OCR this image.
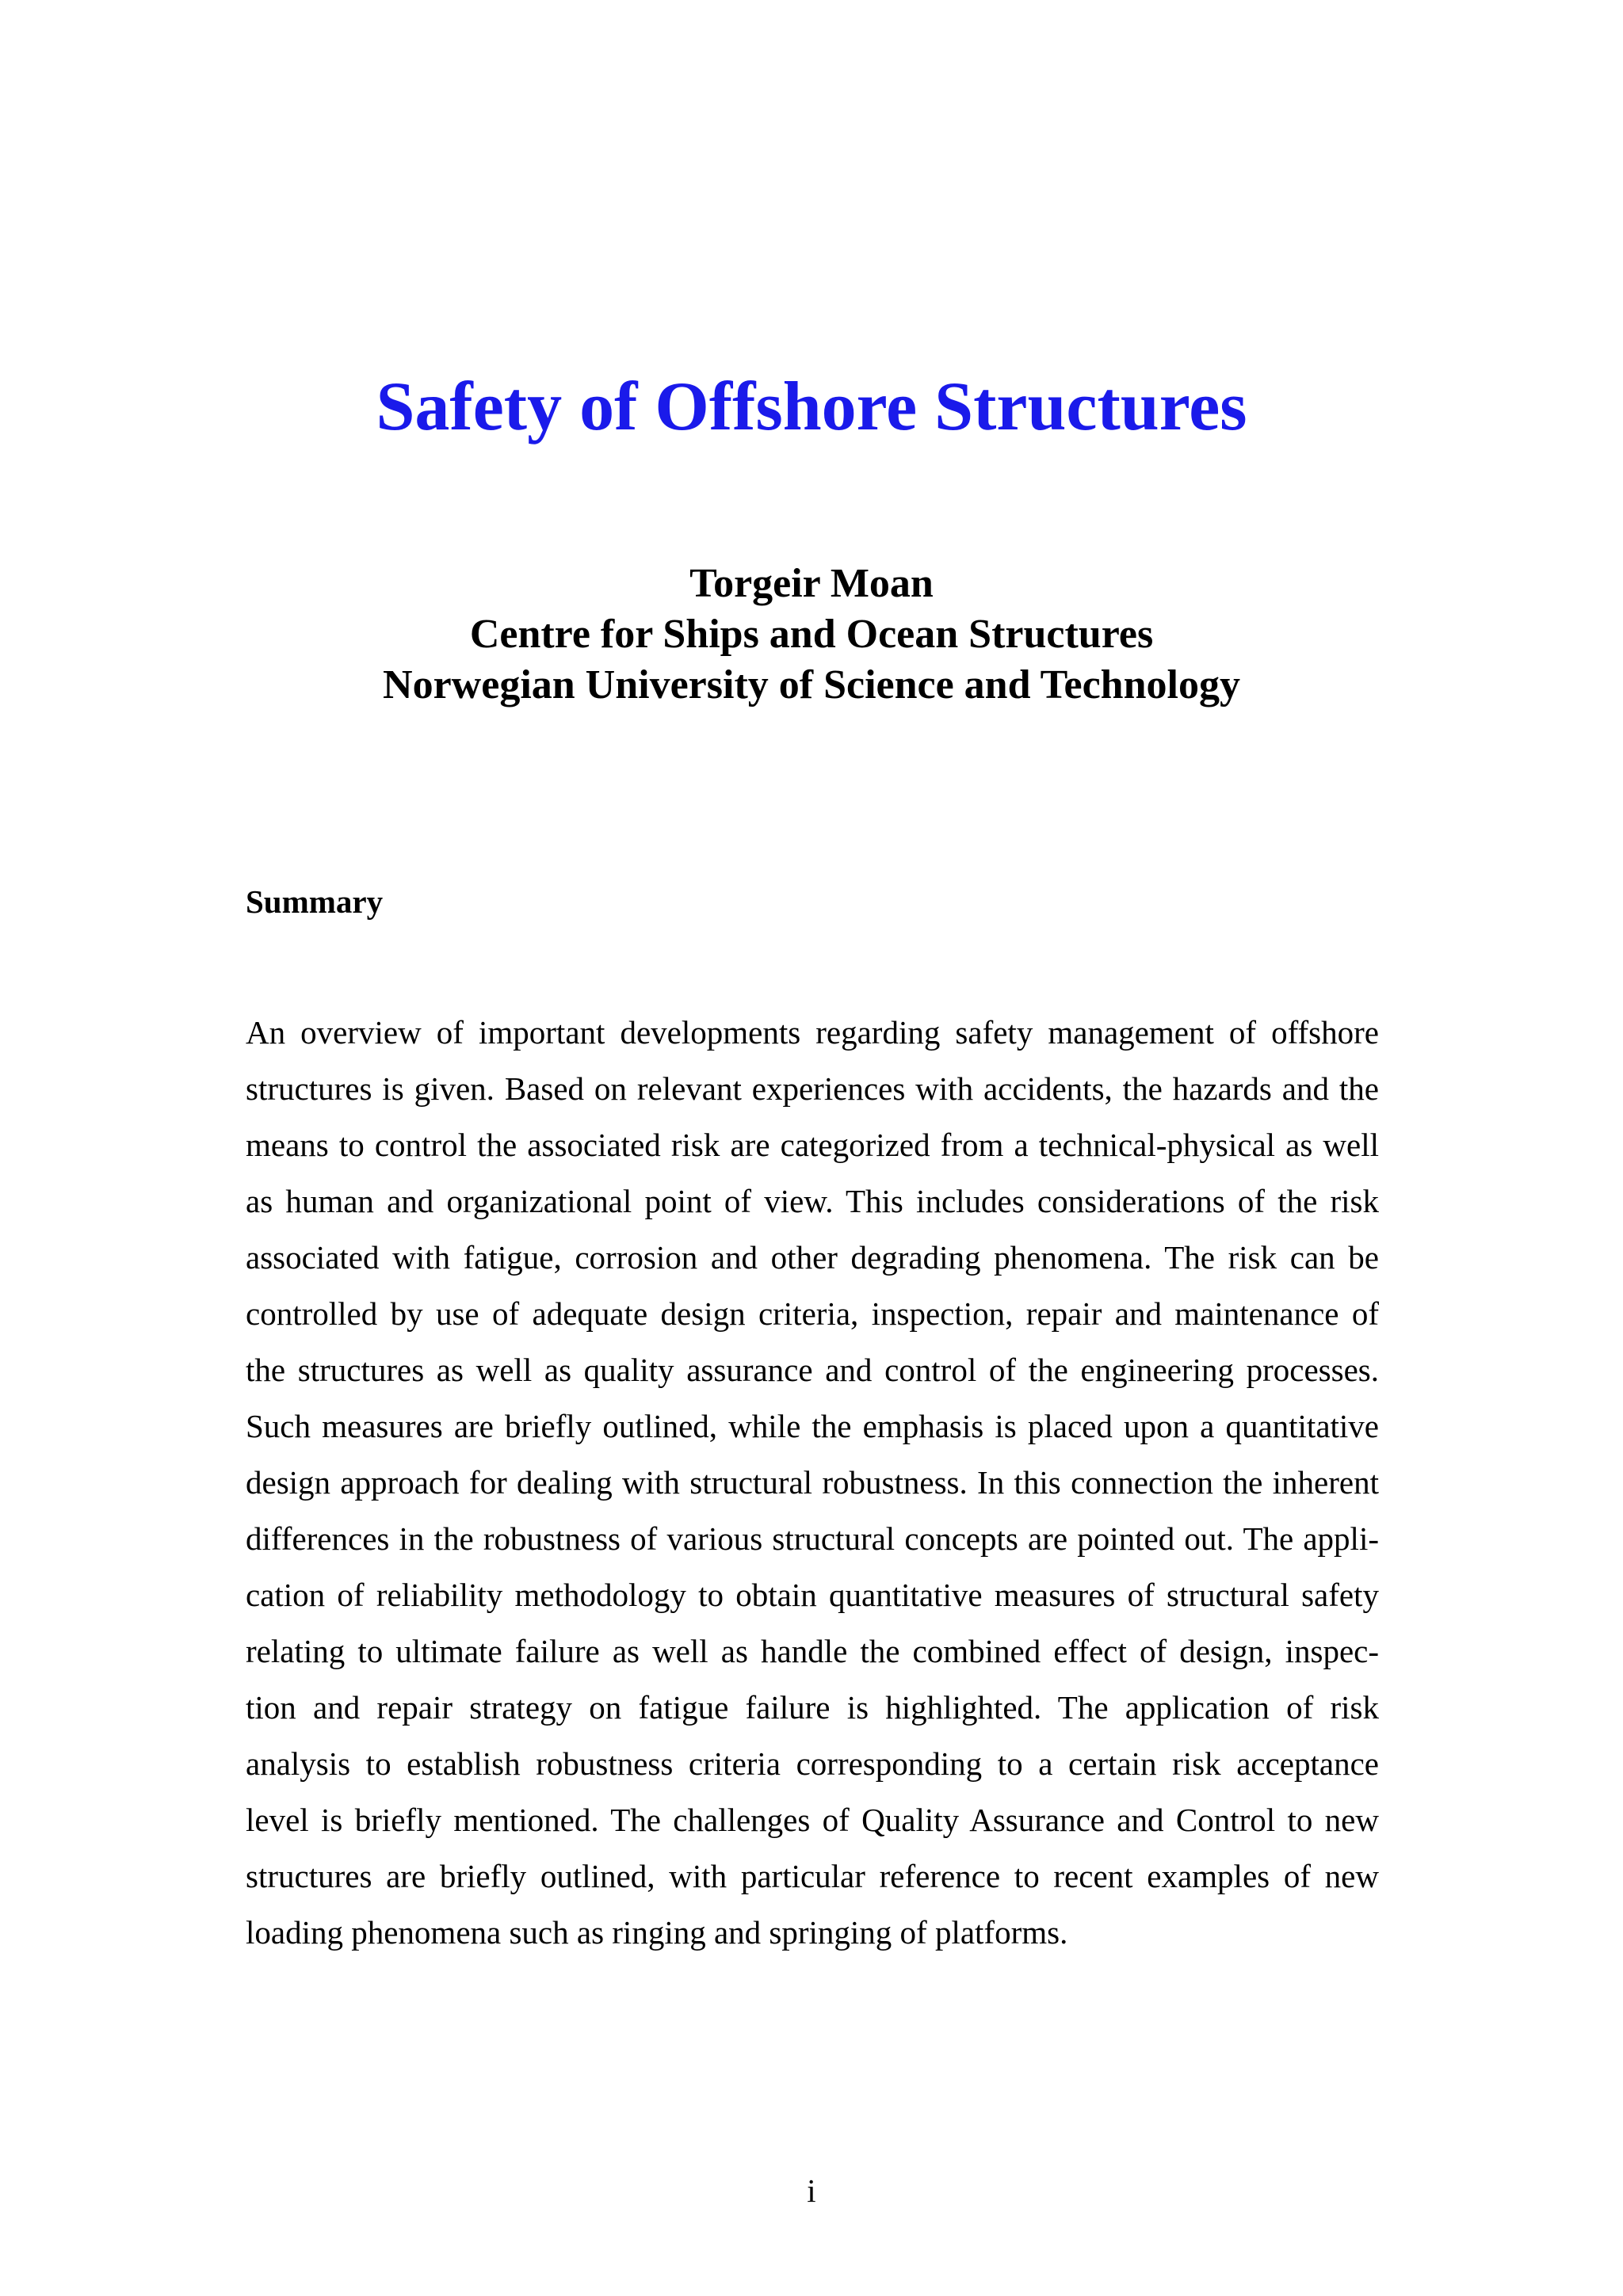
Safety of Offshore Structures
Torgeir Moan
Centre for Ships and Ocean Structures
Norwegian University of Science and Technology
Summary
An overview of important developments regarding safety management of offshore
structures is given. Based on relevant experiences with accidents, the hazards and the
means to control the associated risk are categorized from a technical-physical as well
as human and organizational point of view. This includes considerations of the risk
associated with fatigue, corrosion and other degrading phenomena. The risk can be
controlled by use of adequate design criteria, inspection, repair and maintenance of
the structures as well as quality assurance and control of the engineering processes.
Such measures are briefly outlined, while the emphasis is placed upon a quantitative
design approach for dealing with structural robustness. In this connection the inherent
differences in the robustness of various structural concepts are pointed out. The appli-
cation of reliability methodology to obtain quantitative measures of structural safety
relating to ultimate failure as well as handle the combined effect of design, inspec-
tion and repair strategy on fatigue failure is highlighted. The application of risk
analysis to establish robustness criteria corresponding to a certain risk acceptance
level is briefly mentioned. The challenges of Quality Assurance and Control to new
structures are briefly outlined, with particular reference to recent examples of new
loading phenomena such as ringing and springing of platforms.
i
